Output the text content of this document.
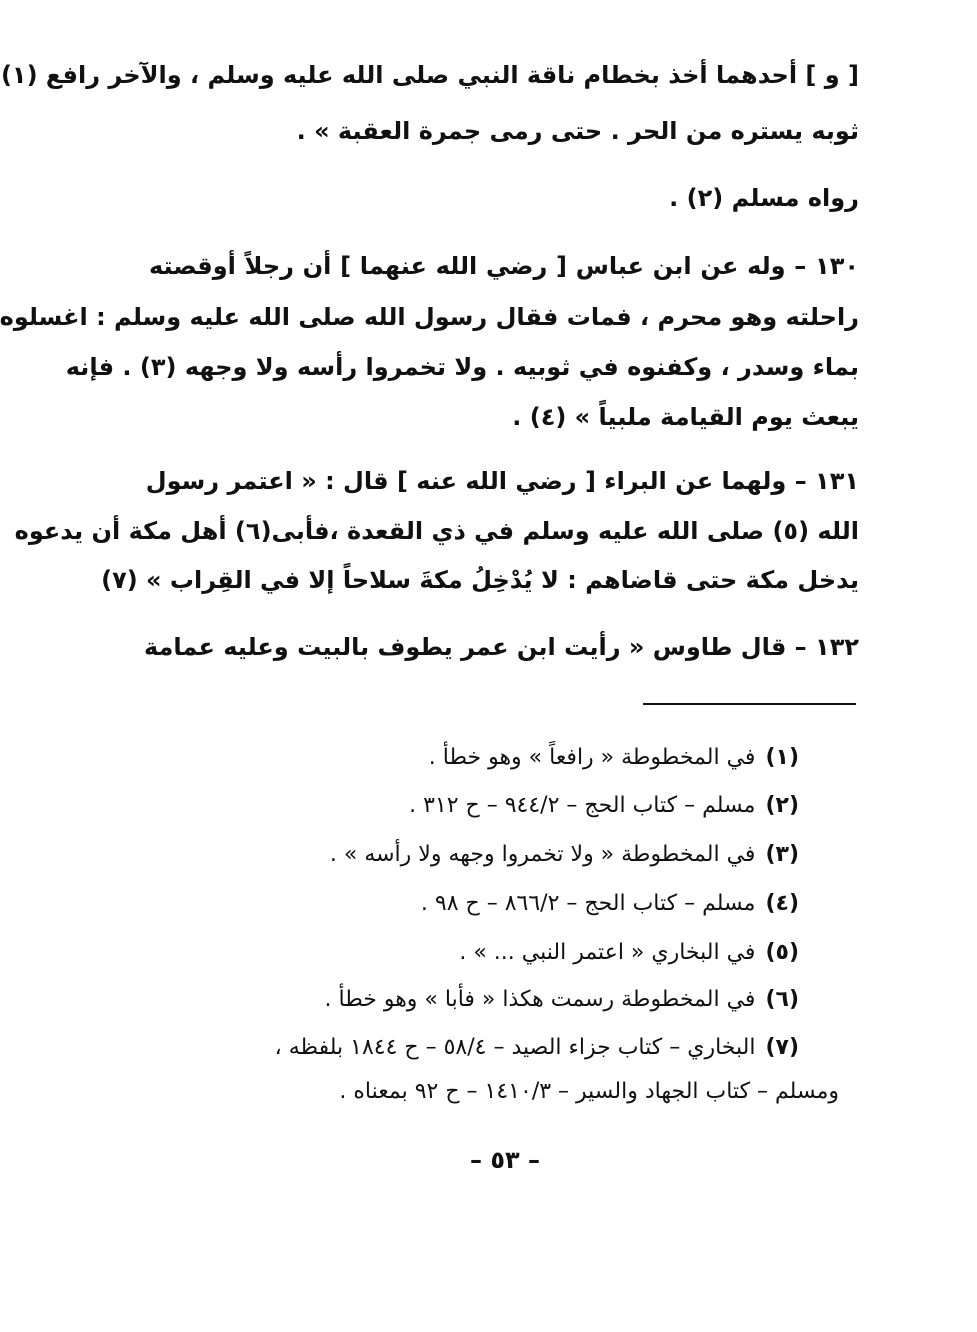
[ و ] أحدهما أخذ بخطام ناقة النبي صلى الله عليه وسلم ، والآخر رافع (١)
ثوبه يستره من الحر . حتى رمى جمرة العقبة » .
رواه مسلم (٢) .
١٣٠ – وله عن ابن عباس [ رضي الله عنهما ] أن رجلاً أوقصته
راحلته وهو محرم ، فمات فقال رسول الله صلى الله عليه وسلم : اغسلوه
بماء وسدر ، وكفنوه في ثوبيه . ولا تخمروا رأسه ولا وجهه (٣) . فإنه
يبعث يوم القيامة ملبياً » (٤) .
١٣١ – ولهما عن البراء [ رضي الله عنه ] قال : « اعتمر رسول
الله (٥) صلى الله عليه وسلم في ذي القعدة ،فأبى(٦) أهل مكة أن يدعوه
يدخل مكة حتى قاضاهم : لا يُدْخِلُ مكةَ سلاحاً إلا في القِراب » (٧)
١٣٢ – قال طاوس « رأيت ابن عمر يطوف بالبيت وعليه عمامة
(١)في المخطوطة « رافعاً » وهو خطأ .
(٢)مسلم – كتاب الحج – ٩٤٤/٢ – ح ٣١٢ .
(٣)في المخطوطة « ولا تخمروا وجهه ولا رأسه » .
(٤)مسلم – كتاب الحج – ٨٦٦/٢ – ح ٩٨ .
(٥)في البخاري « اعتمر النبي ... » .
(٦)في المخطوطة رسمت هكذا « فأبا » وهو خطأ .
(٧)البخاري – كتاب جزاء الصيد – ٥٨/٤ – ح ١٨٤٤ بلفظه ،
ومسلم – كتاب الجهاد والسير – ١٤١٠/٣ – ح ٩٢ بمعناه .
– ٥٣ –
